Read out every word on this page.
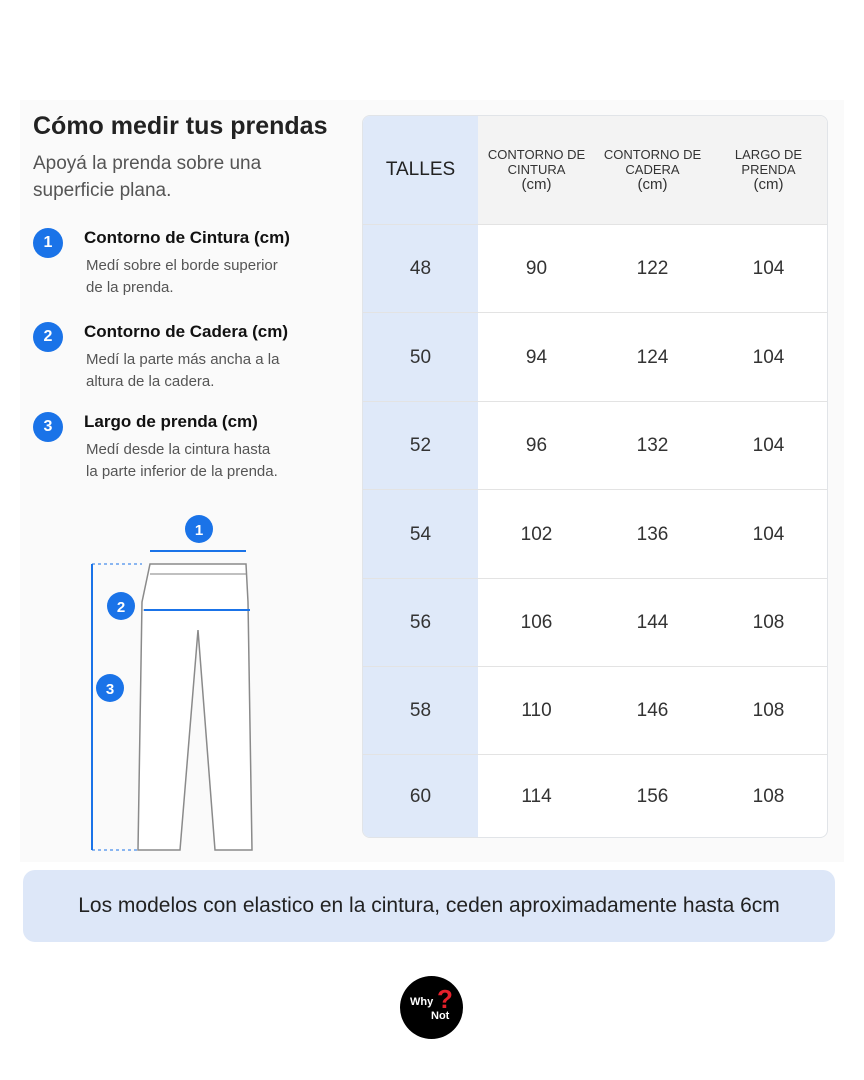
Cómo medir tus prendas

Apoyá la prenda sobre una superficie plana.

1	Contorno de Cintura (cm)
Medí sobre el borde superior de la prenda.
2	Contorno de Cadera (cm)
Medí la parte más ancha a la altura de la cadera.
3	Largo de prenda (cm)
Medí desde la cintura hasta la parte inferior de la prenda.
1
2
3
TALLES
CONTORNO DE
CINTURA
(cm)
CONTORNO DE
CADERA
(cm)
LARGO DE
PRENDA
(cm)
48	90	122	104
50	94	124	104
52	96	132	104
54	102	136	104
56	106	144	108
58	110	146	108
60	114	156	108
Los modelos con elastico en la cintura, ceden aproximadamente hasta 6cm
Why ?
Not
